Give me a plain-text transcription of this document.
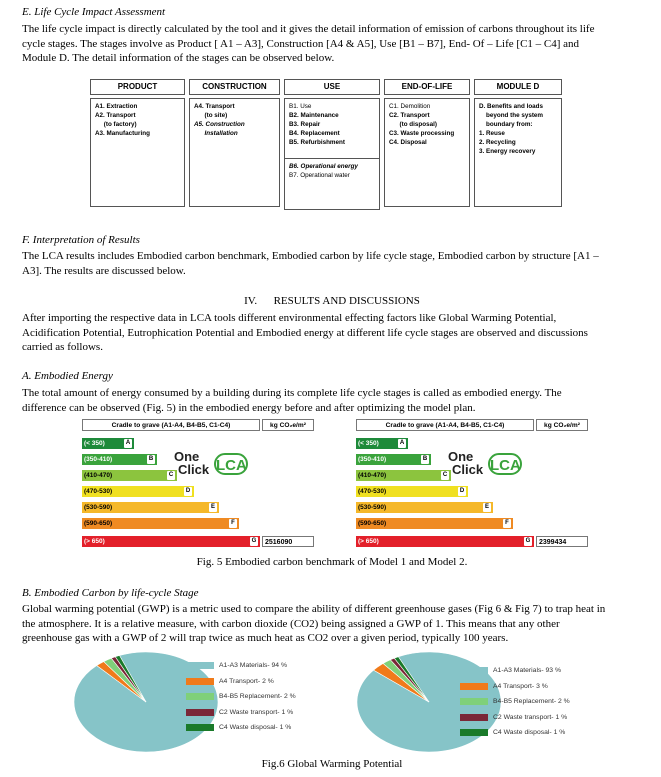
E. Life Cycle Impact Assessment
The life cycle impact is directly calculated by the tool and it gives the detail information of emission of carbons throughout its life
cycle stages. The stages involve as Product [ A1 – A3], Construction [A4 & A5], Use [B1 – B7], End- Of – Life [C1 – C4] and
Module D. The detail information of the stages can be observed below.
PRODUCT
A1. Extraction
A2. Transport
(to factory)
A3. Manufacturing
CONSTRUCTION
A4. Transport
(to site)
A5. Construction
Installation
USE
B1. Use
B2. Maintenance
B3. Repair
B4. Replacement
B5. Refurbishment
B6. Operational energy
B7. Operational water
END-OF-LIFE
C1. Demolition
C2. Transport
(to disposal)
C3. Waste processing
C4. Disposal
MODULE D
D. Benefits and loads
beyond the system
boundary from:
1. Reuse
2. Recycling
3. Energy recovery
F. Interpretation of Results
The LCA results includes Embodied carbon benchmark, Embodied carbon by life cycle stage, Embodied carbon by structure [A1 –
A3]. The results are discussed below.
IV.      RESULTS AND DISCUSSIONS
After importing the respective data in LCA tools different environmental effecting factors like Global Warming Potential,
Acidification Potential, Eutrophication Potential and Embodied energy at different life cycle stages are observed and discussions
carried as follows.
A. Embodied Energy
The total amount of energy consumed by a building during its complete life cycle stages is called as embodied energy. The
difference can be observed (Fig. 5) in the embodied energy before and after optimizing the model plan.
Cradle to grave (A1-A4, B4-B5, C1-C4)	kg CO₂e/m²
(< 350)	A
(350-410)	B
(410-470)	C
(470-530)	D
(530-590)	E
(590-650)	F
(> 650)	G	2516090
One
Click LCA
Cradle to grave (A1-A4, B4-B5, C1-C4)	kg CO₂e/m²
(< 350)	A
(350-410)	B
(410-470)	C
(470-530)	D
(530-590)	E
(590-650)	F
(> 650)	G	2399434
One
Click LCA
Fig. 5 Embodied carbon benchmark of Model 1 and Model 2.
B. Embodied Carbon by life-cycle Stage
Global warming potential (GWP) is a metric used to compare the ability of different greenhouse gases (Fig 6 & Fig 7) to trap heat in
the atmosphere. It is a relative measure, with carbon dioxide (CO2) being assigned a GWP of 1. This means that any other
greenhouse gas with a GWP of 2 will trap twice as much heat as CO2 over a given period, typically 100 years.
A1-A3 Materials- 94 %
A4 Transport- 2 %
B4-B5 Replacement- 2 %
C2 Waste transport- 1 %
C4 Waste disposal- 1 %
A1-A3 Materials- 93 %
A4 Transport- 3 %
B4-B5 Replacement- 2 %
C2 Waste transport- 1 %
C4 Waste disposal- 1 %
Fig.6 Global Warming Potential
